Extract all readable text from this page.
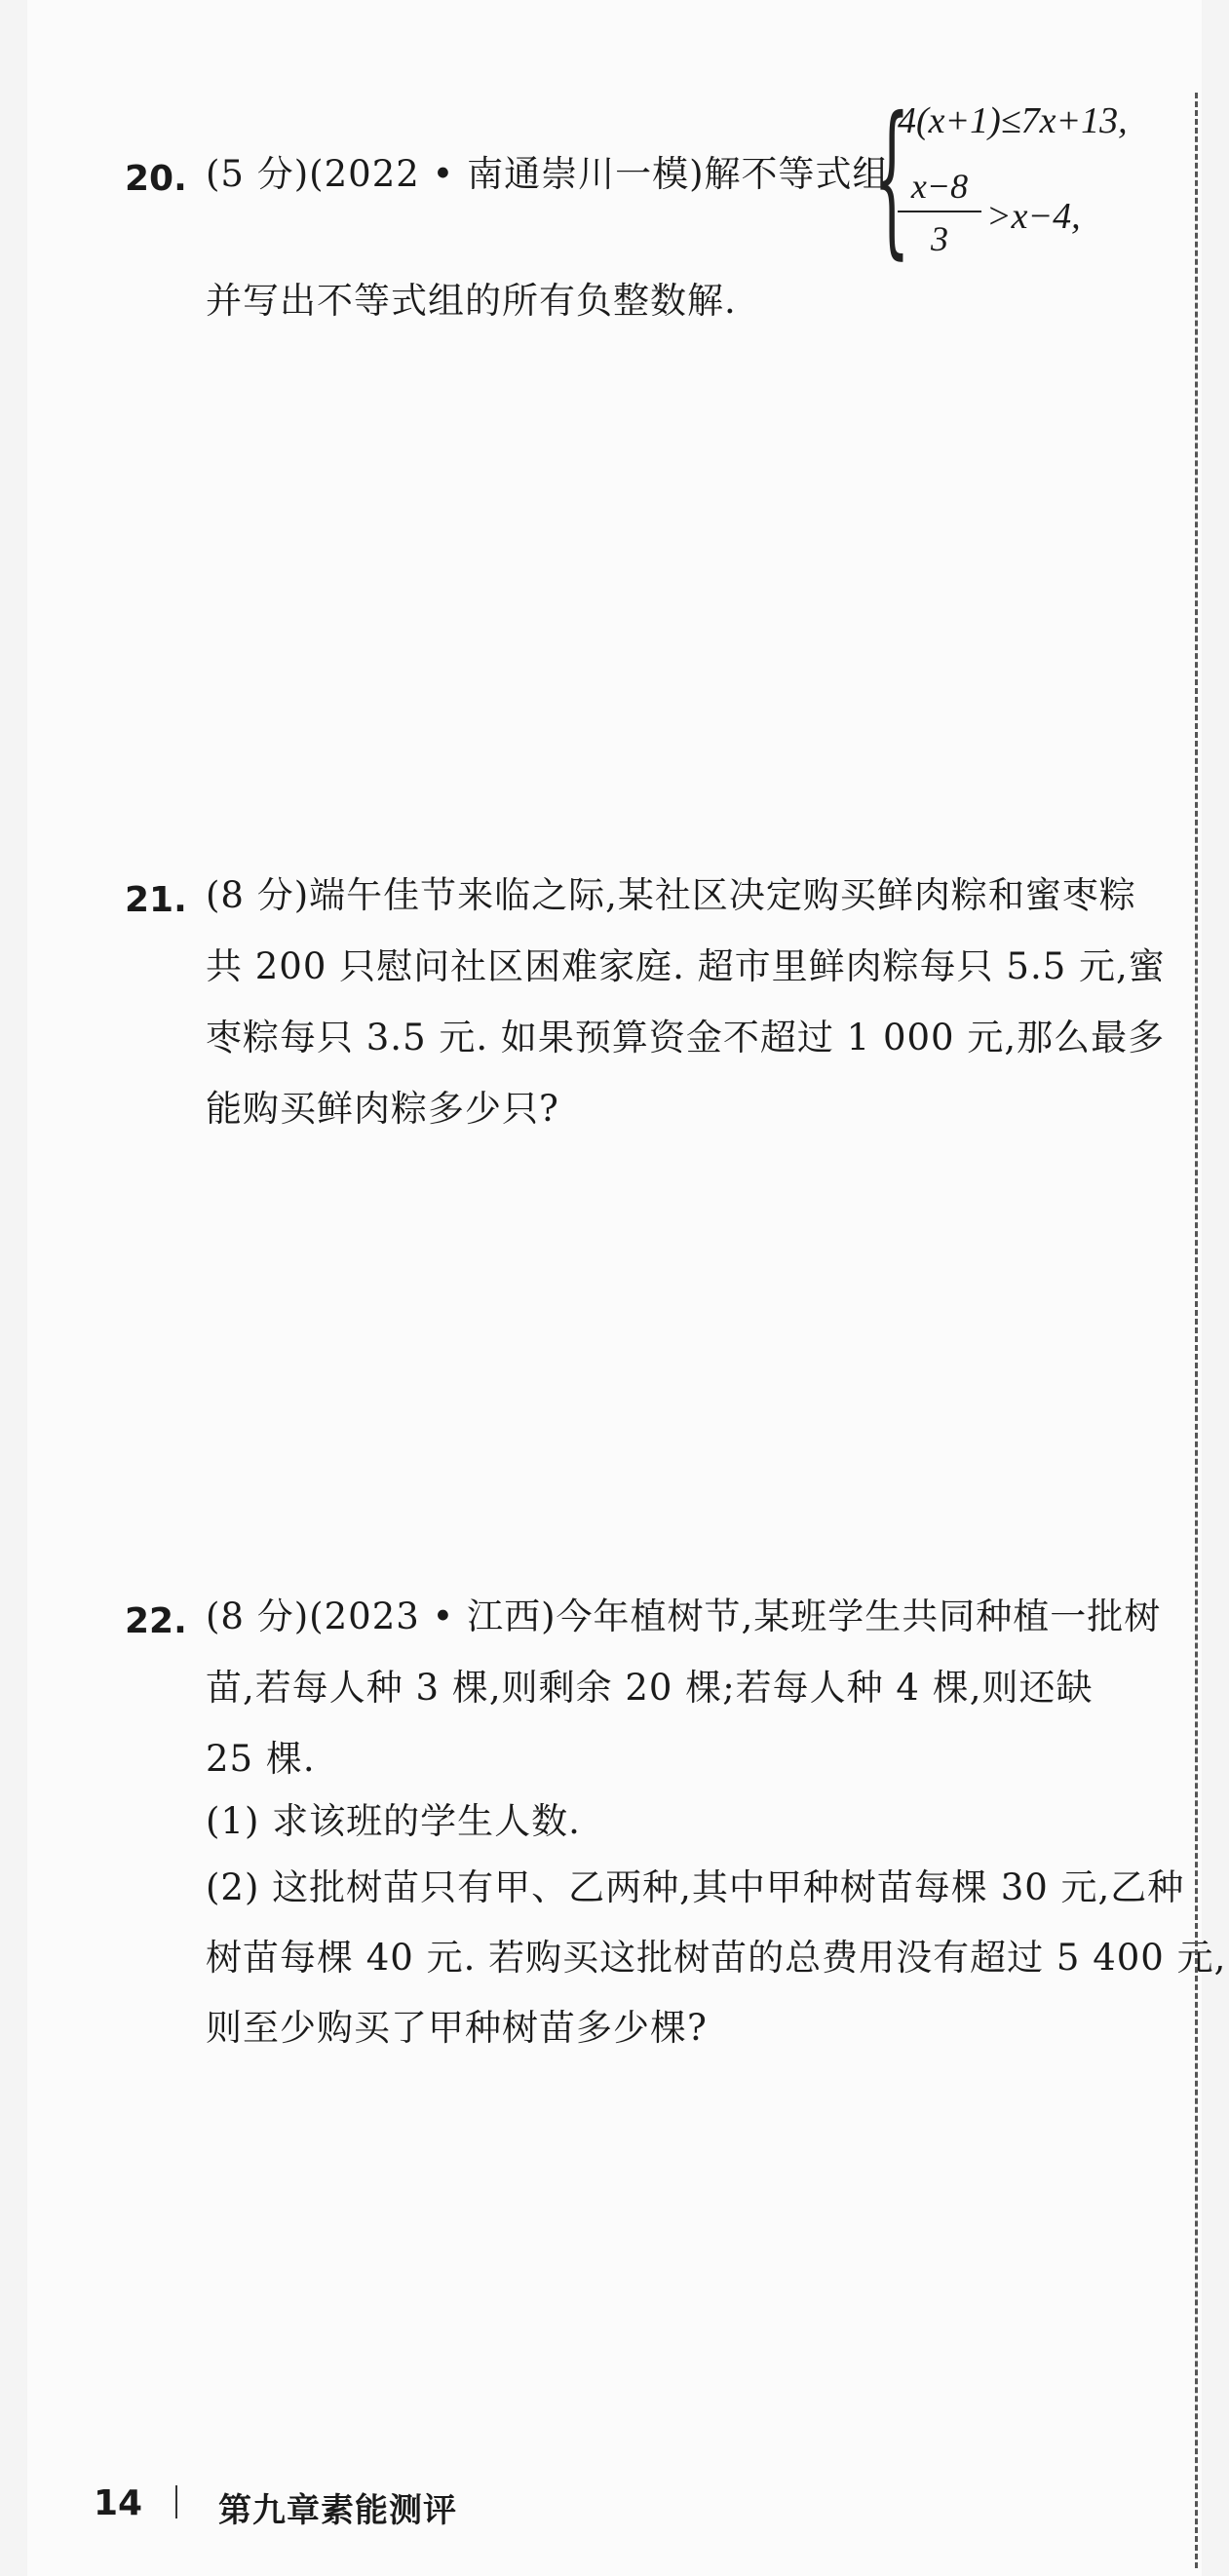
20. (5 分)(2022 • 南通崇川一模)解不等式组
{
4(x+1)≤7x+13,
$\frac{x-8}{3} >x-4$,
并写出不等式组的所有负整数解.
21. (8 分)端午佳节来临之际,某社区决定购买鲜肉粽和蜜枣粽
共 200 只慰问社区困难家庭. 超市里鲜肉粽每只 5.5 元,蜜
枣粽每只 3.5 元. 如果预算资金不超过 1 000 元,那么最多
能购买鲜肉粽多少只?
22. (8 分)(2023 • 江西)今年植树节,某班学生共同种植一批树
苗,若每人种 3 棵,则剩余 20 棵;若每人种 4 棵,则还缺
25 棵.
(1) 求该班的学生人数.
(2) 这批树苗只有甲、乙两种,其中甲种树苗每棵 30 元,乙种
树苗每棵 40 元. 若购买这批树苗的总费用没有超过 5 400 元,
则至少购买了甲种树苗多少棵?
14 第九章素能测评
